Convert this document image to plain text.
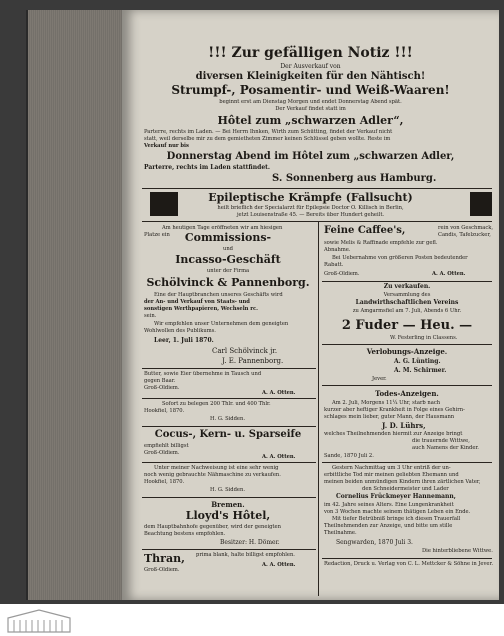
!!! Zur gefälligen Notiz !!!
Der Ausverkauf von
diversen Kleinigkeiten für den Nähtisch!
Strumpf-, Posamentir- und Weiß-Waaren!
beginnt erst am Dienstag Morgen und endet Donnerstag Abend spät.
Der Verkauf findet statt im
Hôtel zum „schwarzen Adler“,
Parterre, rechts im Laden. — Bei Herrn Ihnken, Wirth zum Schütting, findet der Verkauf nicht
statt, weil derselbe mir zu dem gemietheten Zimmer keinen Schlüssel geben wollte. Reste im
Verkauf nur bis
Donnerstag Abend im Hôtel zum „schwarzen Adler,
Parterre, rechts im Laden stattfindet.
S. Sonnenberg aus Hamburg.
Epileptische Krämpfe (Fallsucht)
heilt brieflich der Specialarzt für Epilepsie Doctor O. Killisch in Berlin,
jetzt Louisenstraße 45. — Bereits über Hundert geheilt.
Am heutigen Tage eröffneten wir am hiesigen
Platze ein	Commissions-
und
Incasso-Geschäft
unter der Firma
Schölvinck & Pannenborg.
Eine der Hauptbranchen unseres Geschäfts wird
der An- und Verkauf von Staats- und
sonstigen Werthpapieren, Wechseln rc.
sein.
Wir empfehlen unser Unternehmen dem geneigten
Wohlwollen des Publikums.
Leer, 1. Juli 1870.
Carl Schölvinck jr.
J. E. Pannenborg.
Butter, sowie Eier übernehme in Tausch und
gegen Baar.
Groß-Oldiem.
A. A. Otten.
Sofort zu belegen 200 Thlr. und 400 Thlr.
Hookfiel, 1870.
H. G. Sidden.
Cocus-, Kern- u. Sparseife
empfiehlt billigst
Groß-Oldiem.
A. A. Otten.
Unter meiner Nachweisung ist eine sehr wenig
noch wenig gebrauchte Nähmaschine zu verkaufen.
Hookfiel, 1870.
H. G. Sidden.
Bremen.
Lloyd's Hôtel,
dem Hauptbahnhofe gegenüber, wird der geneigten
Beachtung bestens empfohlen.
Besitzer: H. Dömer.
Thran, prima blank, halte billigst empfohlen.
Groß-Oldiem.
A. A. Otten.
Feine Caffee's,	rein von Geschmack,
Candis, Tafelzucker,
sowie Melis & Raffinade empfehle zur gefl.
Abnahme.
Bei Uebernahme von größeren Posten bedeutender
Rabatt.
Groß-Oldiem.	A. A. Otten.
Zu verkaufen.
Versammlung des
Landwirthschaftlichen Vereins
zu Amgarmsfiel am 7. Juli, Abends 6 Uhr.
2 Fuder — Heu. —
W. Festerling in Classens.
Verlobungs-Anzeige.
A. G. Lünting.
A. M. Schirmer.
Jever.
Todes-Anzeigen.
Am 2. Juli, Morgens 11¼ Uhr, starb nach
kurzer aber heftiger Krankheit in Folge eines Gehirn-
schlages mein lieber, guter Mann, der Hausmann
J. D. Lührs,
welches Theilnehmenden hiermit zur Anzeige bringt
die trauernde Wittwe,
auch Namens der Kinder.
Sande, 1870 Juli 2.
Gestern Nachmittag um 3 Uhr entriß der un-
erbittliche Tod mir meinen geliebten Ehemann und
meinen beiden unmündigen Kindern ihren zärtlichen Vater,
den Schneidermeister und Lader
Cornelius Frückmeyer Hannemann,
im 42. Jahre seines Alters. Eine Lungenkrankheit
von 3 Wochen machte seinem thätigen Leben ein Ende.
Mit tiefer Betrübniß bringe ich diesen Trauerfall
Theilnehmenden zur Anzeige, und bitte um stille
Theilnahme.
Sengwarden, 1870 Juli 3.
Die hinterbliebene Wittwe.
Redaction, Druck u. Verlag von C. L. Mettcker & Söhne in Jever.
